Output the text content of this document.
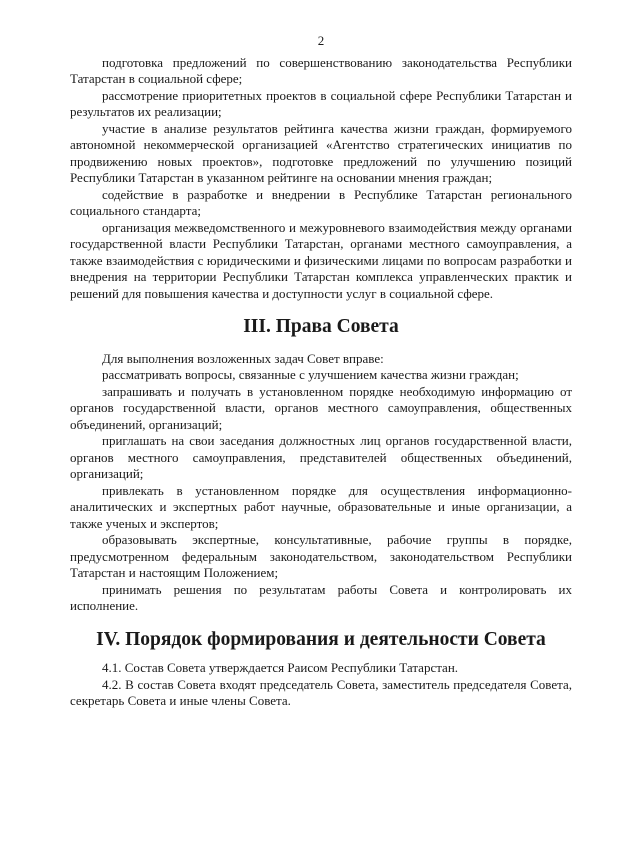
2

подготовка предложений по совершенствованию законодательства Республики Татарстан в социальной сфере;

рассмотрение приоритетных проектов в социальной сфере Республики Татарстан и результатов их реализации;

участие в анализе результатов рейтинга качества жизни граждан, формируемого автономной некоммерческой организацией «Агентство стратегических инициатив по продвижению новых проектов», подготовке предложений по улучшению позиций Республики Татарстан в указанном рейтинге на основании мнения граждан;

содействие в разработке и внедрении в Республике Татарстан регионального социального стандарта;

организация межведомственного и межуровневого взаимодействия между органами государственной власти Республики Татарстан, органами местного самоуправления, а также взаимодействия с юридическими и физическими лицами по вопросам разработки и внедрения на территории Республики Татарстан комплекса управленческих практик и решений для повышения качества и доступности услуг в социальной сфере.

III. Права Совета

Для выполнения возложенных задач Совет вправе:

рассматривать вопросы, связанные с улучшением качества жизни граждан;

запрашивать и получать в установленном порядке необходимую информацию от органов государственной власти, органов местного самоуправления, общественных объединений, организаций;

приглашать на свои заседания должностных лиц органов государственной власти, органов местного самоуправления, представителей общественных объединений, организаций;

привлекать в установленном порядке для осуществления информационно-аналитических и экспертных работ научные, образовательные и иные организации, а также ученых и экспертов;

образовывать экспертные, консультативные, рабочие группы в порядке, предусмотренном федеральным законодательством, законодательством Республики Татарстан и настоящим Положением;

принимать решения по результатам работы Совета и контролировать их исполнение.

IV. Порядок формирования и деятельности Совета

4.1. Состав Совета утверждается Раисом Республики Татарстан.

4.2. В состав Совета входят председатель Совета, заместитель председателя Совета, секретарь Совета и иные члены Совета.
